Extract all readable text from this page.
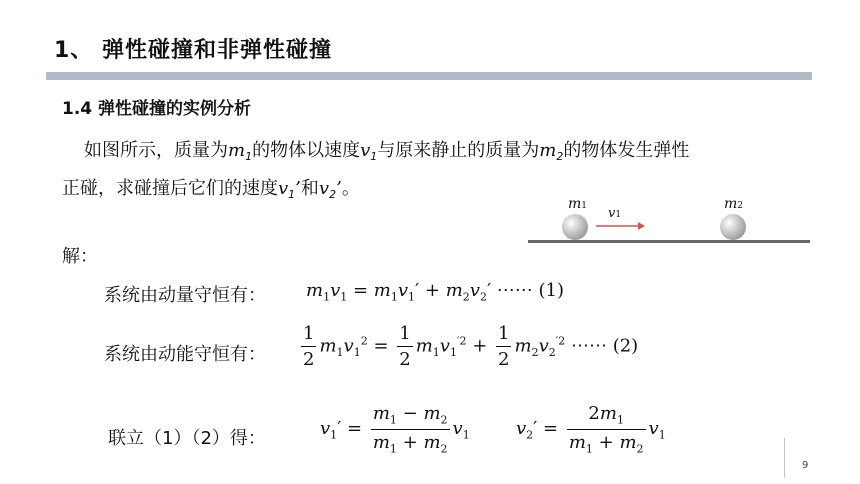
1、 弹性碰撞和非弹性碰撞
1.4 弹性碰撞的实例分析
如图所示，质量为$m_1$的物体以速度$v_1$与原来静止的质量为$m_2$的物体发生弹性
正碰，求碰撞后它们的速度$v_1$’和$v_2$’。
m1 v1
m2
解：
系统由动量守恒有： $m_1v_1 = m_1v_1' + m_2v_2'$ ⋯⋯ (1)
系统由动能守恒有： $\frac{1}{2} m_1v_1^2 = \frac{1}{2} m_1v_1^{'2} + \frac{1}{2} m_2v_2^{'2}$ ⋯⋯ (2)
联立（1）（2）得：	$v_1' = \frac{m_1 - m_2}{m_1 + m_2} v_1$	$v_2' = \frac{2m_1}{m_1 + m_2} v_1$
9
